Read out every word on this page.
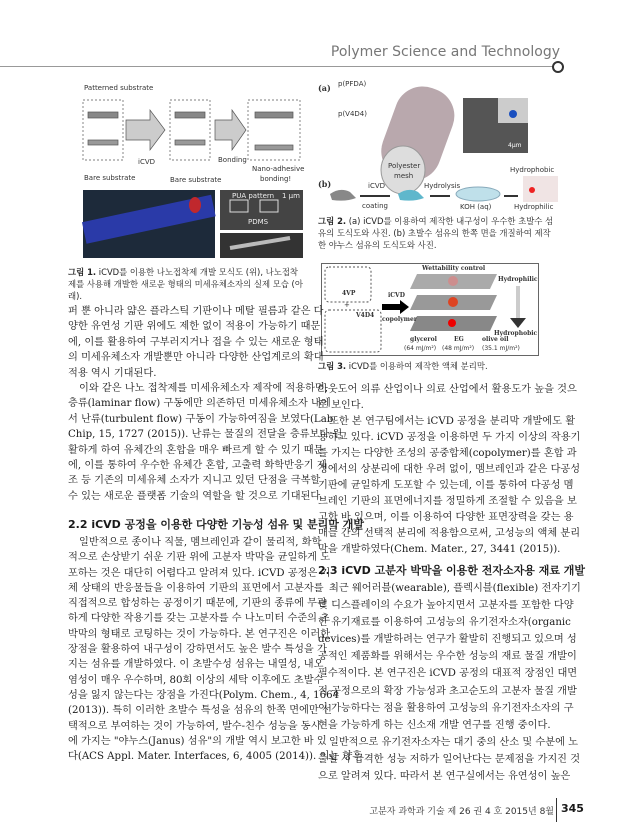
Polymer Science and Technology
Patterned substrate
Bare substrate
iCVD
Bare substrate
Bonding
Nano-adhesive
bonding!
PUA pattern 1 μm
PDMS
그림 1. iCVD를 이용한 나노접착제 개발 모식도 (위), 나노접착제를 사용해 개발한 새로운 형태의 미세유체소자의 실제 모습 (아래).
(a) p(PFDA)
p(V4D4)
Polyester
mesh
4μm
(b)	iCVD
coating
Hydrolysis
KOH (aq)
Hydrophobic
Hydrophilic
그림 2. (a) iCVD를 이용하여 제작한 내구성이 우수한 초발수 섬유의 도식도와 사진. (b) 초발수 섬유의 한쪽 면을 개질하여 제작한 야누스 섬유의 도식도와 사진.
Wettability control
4VP
+
V4D4
iCVD
copolymer
Hydrophilic
Hydrophobic
glycerol	EG	olive oil
(64 mJ/m²) (48 mJ/m²) (35.1 mJ/m²)
그림 3. iCVD를 이용하여 제작한 액체 분리막.
퍼 뿐 아니라 얇은 플라스틱 기판이나 메탈 필름과 같은 다
양한 유연성 기판 위에도 제한 없이 적용이 가능하기 때문
에, 이를 활용하여 구부러지거나 접을 수 있는 새로운 형태
의 미세유체소자 개발뿐만 아니라 다양한 산업계로의 확대
적용 역시 기대된다.
이와 같은 나노 접착제를 미세유체소자 제작에 적용하면,
층류(laminar flow) 구동에만 의존하던 미세유체소자 내에
서 난류(turbulent flow) 구동이 가능하여짐을 보였다(Lab
Chip, 15, 1727 (2015)). 난류는 물질의 전달을 층류보다 원
활하게 하여 유체간의 혼합을 매우 빠르게 할 수 있기 때문
에, 이를 통하여 우수한 유체간 혼합, 고출력 화학반응기 제
조 등 기존의 미세유체 소자가 지니고 있던 단점을 극복할
수 있는 새로운 플랫폼 기술의 역할을 할 것으로 기대된다.
2.2 iCVD 공정을 이용한 다양한 기능성 섬유 및 분리막 개발
일반적으로 종이나 직물, 멤브레인과 같이 물리적, 화학
적으로 손상받기 쉬운 기판 위에 고분자 박막을 균일하게 도
포하는 것은 대단히 어렵다고 알려져 있다. iCVD 공정은 기
체 상태의 반응물들을 이용하여 기판의 표면에서 고분자를
직접적으로 합성하는 공정이기 때문에, 기판의 종류에 무관
하게 다양한 작용기를 갖는 고분자를 수 나노미터 수준의 초
박막의 형태로 코팅하는 것이 가능하다. 본 연구진은 이러한
장점을 활용하여 내구성이 강하면서도 높은 발수 특성을 가
지는 섬유를 개발하였다. 이 초발수성 섬유는 내열성, 내오
염성이 매우 우수하며, 80회 이상의 세탁 이후에도 초발수
성을 잃지 않는다는 장점을 가진다(Polym. Chem., 4, 1664
(2013)). 특히 이러한 초발수 특성을 섬유의 한쪽 면에만 선
택적으로 부여하는 것이 가능하여, 발수-친수 성능을 동시
에 가지는 "야누스(Janus) 섬유"의 개발 역시 보고한 바 있
다(ACS Appl. Mater. Interfaces, 6, 4005 (2014)). 이는 향후
아웃도어 의류 산업이나 의료 산업에서 활용도가 높을 것으
로 보인다.
또한 본 연구팀에서는 iCVD 공정을 분리막 개발에도 활
용하고 있다. iCVD 공정을 이용하면 두 가지 이상의 작용기
를 가지는 다양한 조성의 공중합체(copolymer)를 혼합 과
정에서의 상분리에 대한 우려 없이, 멤브레인과 같은 다공성
기판에 균일하게 도포할 수 있는데, 이를 통하여 다공성 멤
브레인 기판의 표면에너지를 정밀하게 조절할 수 있음을 보
고한 바 있으며, 이를 이용하여 다양한 표면장력을 갖는 용
매들 간의 선택적 분리에 적용함으로써, 고성능의 액체 분리
막을 개발하였다(Chem. Mater., 27, 3441 (2015)).
2.3 iCVD 고분자 박막을 이용한 전자소자용 재료 개발
최근 웨어러블(wearable), 플렉시블(flexible) 전자기기
및 디스플레이의 수요가 높아지면서 고분자를 포함한 다양
한 유기재료를 이용하여 고성능의 유기전자소자(organic
devices)를 개발하려는 연구가 활발히 진행되고 있으며 성
공적인 제품화를 위해서는 우수한 성능의 재료 물질 개발이
필수적이다. 본 연구진은 iCVD 공정의 대표적 장점인 대면
적 공정으로의 확장 가능성과 초고순도의 고분자 물질 개발
이 가능하다는 점을 활용하여 고성능의 유기전자소자의 구
현을 가능하게 하는 신소재 개발 연구를 진행 중이다.
일반적으로 유기전자소자는 대기 중의 산소 및 수분에 노
출될 시 급격한 성능 저하가 일어난다는 문제점을 가지진 것
으로 알려져 있다. 따라서 본 연구실에서는 유연성이 높은
고분자 과학과 기술 제 26 권 4 호 2015년 8월 345
